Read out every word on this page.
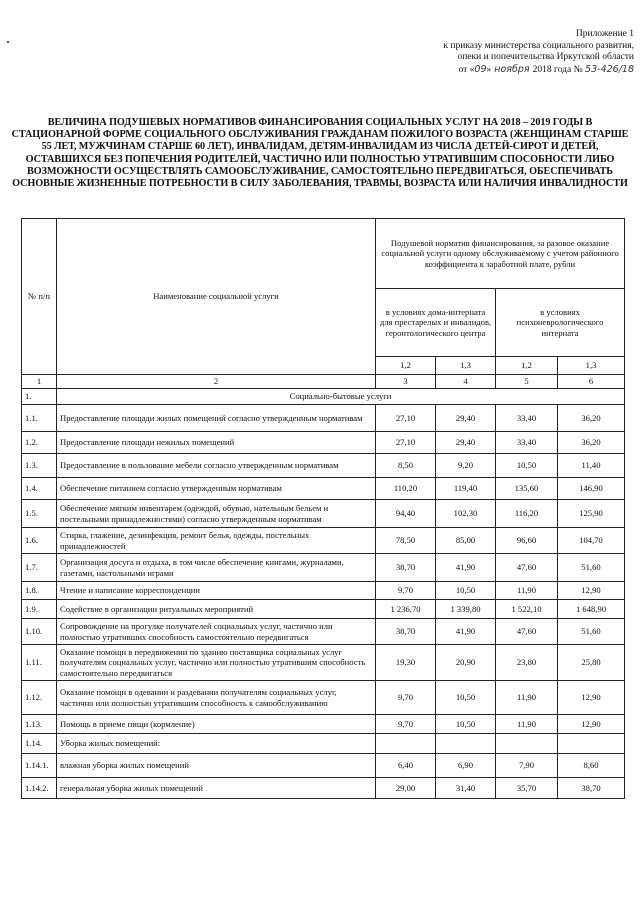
Приложение 1
к приказу министерства социального развития,
опеки и попечительства Иркутской области
от «09» ноября 2018 года № 53-426/18
ВЕЛИЧИНА ПОДУШЕВЫХ НОРМАТИВОВ ФИНАНСИРОВАНИЯ СОЦИАЛЬНЫХ УСЛУГ НА 2018 – 2019 ГОДЫ В СТАЦИОНАРНОЙ ФОРМЕ СОЦИАЛЬНОГО ОБСЛУЖИВАНИЯ ГРАЖДАНАМ ПОЖИЛОГО ВОЗРАСТА (ЖЕНЩИНАМ СТАРШЕ 55 ЛЕТ, МУЖЧИНАМ СТАРШЕ 60 ЛЕТ), ИНВАЛИДАМ, ДЕТЯМ-ИНВАЛИДАМ ИЗ ЧИСЛА ДЕТЕЙ-СИРОТ И ДЕТЕЙ, ОСТАВШИХСЯ БЕЗ ПОПЕЧЕНИЯ РОДИТЕЛЕЙ, ЧАСТИЧНО ИЛИ ПОЛНОСТЬЮ УТРАТИВШИМ СПОСОБНОСТИ ЛИБО ВОЗМОЖНОСТИ ОСУЩЕСТВЛЯТЬ САМООБСЛУЖИВАНИЕ, САМОСТОЯТЕЛЬНО ПЕРЕДВИГАТЬСЯ, ОБЕСПЕЧИВАТЬ ОСНОВНЫЕ ЖИЗНЕННЫЕ ПОТРЕБНОСТИ В СИЛУ ЗАБОЛЕВАНИЯ, ТРАВМЫ, ВОЗРАСТА ИЛИ НАЛИЧИЯ ИНВАЛИДНОСТИ
№ п/п	Наименование социальной услуги	Подушевой норматив финансирования, за разовое оказание социальной услуги одному обслуживаемому с учетом районного коэффициента к заработной плате, рубли			
		в условиях дома-интерната для престарелых и инвалидов, геронтологического центра		в условиях психоневрологического интерната	
		1,2	1,3	1,2	1,3
1	2	3	4	5	6
1.	Социально-бытовые услуги				
1.1.	Предоставление площади жилых помещений согласно утвержденным нормативам	27,10	29,40	33,40	36,20
1.2.	Предоставление площади нежилых помещений	27,10	29,40	33,40	36,20
1.3.	Предоставление в пользование мебели согласно утвержденным нормативам	8,50	9,20	10,50	11,40
1.4.	Обеспечение питанием согласно утвержденным нормативам	110,20	119,40	135,60	146,90
1.5.	Обеспечение мягким инвентарем (одеждой, обувью, нательным бельем и постельными принадлежностями) согласно утвержденным нормативам	94,40	102,30	116,20	125,90
1.6.	Стирка, глажение, дезинфекция, ремонт белья, одежды, постельных принадлежностей	78,50	85,00	96,60	104,70
1.7.	Организация досуга и отдыха, в том числе обеспечение книгами, журналами, газетами, настольными играми	38,70	41,90	47,60	51,60
1.8.	Чтение и написание корреспонденции	9,70	10,50	11,90	12,90
1.9.	Содействие в организации ритуальных мероприятий	1 236,70	1 339,80	1 522,10	1 648,90
1.10.	Сопровождение на прогулке получателей социальных услуг, частично или полностью утративших способность самостоятельно передвигаться	38,70	41,90	47,60	51,60
1.11.	Оказание помощи в передвижении по зданию поставщика социальных услуг получателям социальных услуг, частично или полностью утратившим способность самостоятельно передвигаться	19,30	20,90	23,80	25,80
1.12.	Оказание помощи в одевании и раздевании получателям социальных услуг, частично или полностью утратившим способность к самообслуживанию	9,70	10,50	11,90	12,90
1.13.	Помощь в приеме пищи (кормление)	9,70	10,50	11,90	12,90
1.14.	Уборка жилых помещений:				
1.14.1.	влажная уборка жилых помещений	6,40	6,90	7,90	8,60
1.14.2.	генеральная уборка жилых помещений	29,00	31,40	35,70	38,70
